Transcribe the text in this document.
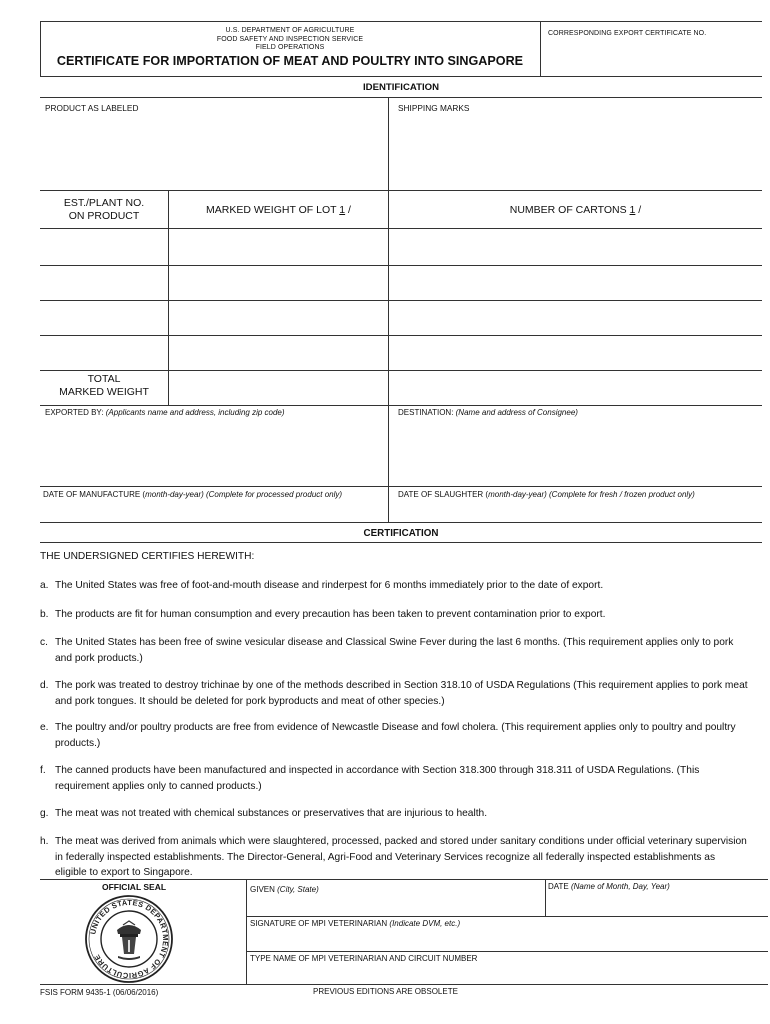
U.S. DEPARTMENT OF AGRICULTURE
FOOD SAFETY AND INSPECTION SERVICE
FIELD OPERATIONS
CORRESPONDING EXPORT CERTIFICATE NO.
CERTIFICATE FOR IMPORTATION OF MEAT AND POULTRY INTO SINGAPORE
IDENTIFICATION
PRODUCT AS LABELED	SHIPPING MARKS
EST./PLANT NO.
ON PRODUCT	MARKED WEIGHT OF LOT 1 /	NUMBER OF CARTONS 1 /
TOTAL
MARKED WEIGHT
EXPORTED BY: (Applicants name and address, including zip code)	DESTINATION: (Name and address of Consignee)
DATE OF MANUFACTURE (month-day-year) (Complete for processed product only)	DATE OF SLAUGHTER (month-day-year) (Complete for fresh / frozen product only)
CERTIFICATION
THE UNDERSIGNED CERTIFIES HEREWITH:
a. The United States was free of foot-and-mouth disease and rinderpest for 6 months immediately prior to the date of export.
b. The products are fit for human consumption and every precaution has been taken to prevent contamination prior to export.
c. The United States has been free of swine vesicular disease and Classical Swine Fever during the last 6 months. (This requirement applies only to pork and pork products.)
d. The pork was treated to destroy trichinae by one of the methods described in Section 318.10 of USDA Regulations (This requirement applies to pork meat and pork tongues. It should be deleted for pork byproducts and meat of other species.)
e. The poultry and/or poultry products are free from evidence of Newcastle Disease and fowl cholera. (This requirement applies only to poultry and poultry products.)
f. The canned products have been manufactured and inspected in accordance with Section 318.300 through 318.311 of USDA Regulations. (This requirement applies only to canned products.)
g. The meat was not treated with chemical substances or preservatives that are injurious to health.
h. The meat was derived from animals which were slaughtered, processed, packed and stored under sanitary conditions under official veterinary supervision in federally inspected establishments. The Director-General, Agri-Food and Veterinary Services recognize all federally inspected establishments as eligible to export to Singapore.
OFFICIAL SEAL
UNITED STATES DEPARTMENT OF AGRICULTURE
GIVEN (City, State)	DATE (Name of Month, Day, Year)
SIGNATURE OF MPI VETERINARIAN (Indicate DVM, etc.)
TYPE NAME OF MPI VETERINARIAN AND CIRCUIT NUMBER
FSIS FORM 9435-1 (06/06/2016)	PREVIOUS EDITIONS ARE OBSOLETE
